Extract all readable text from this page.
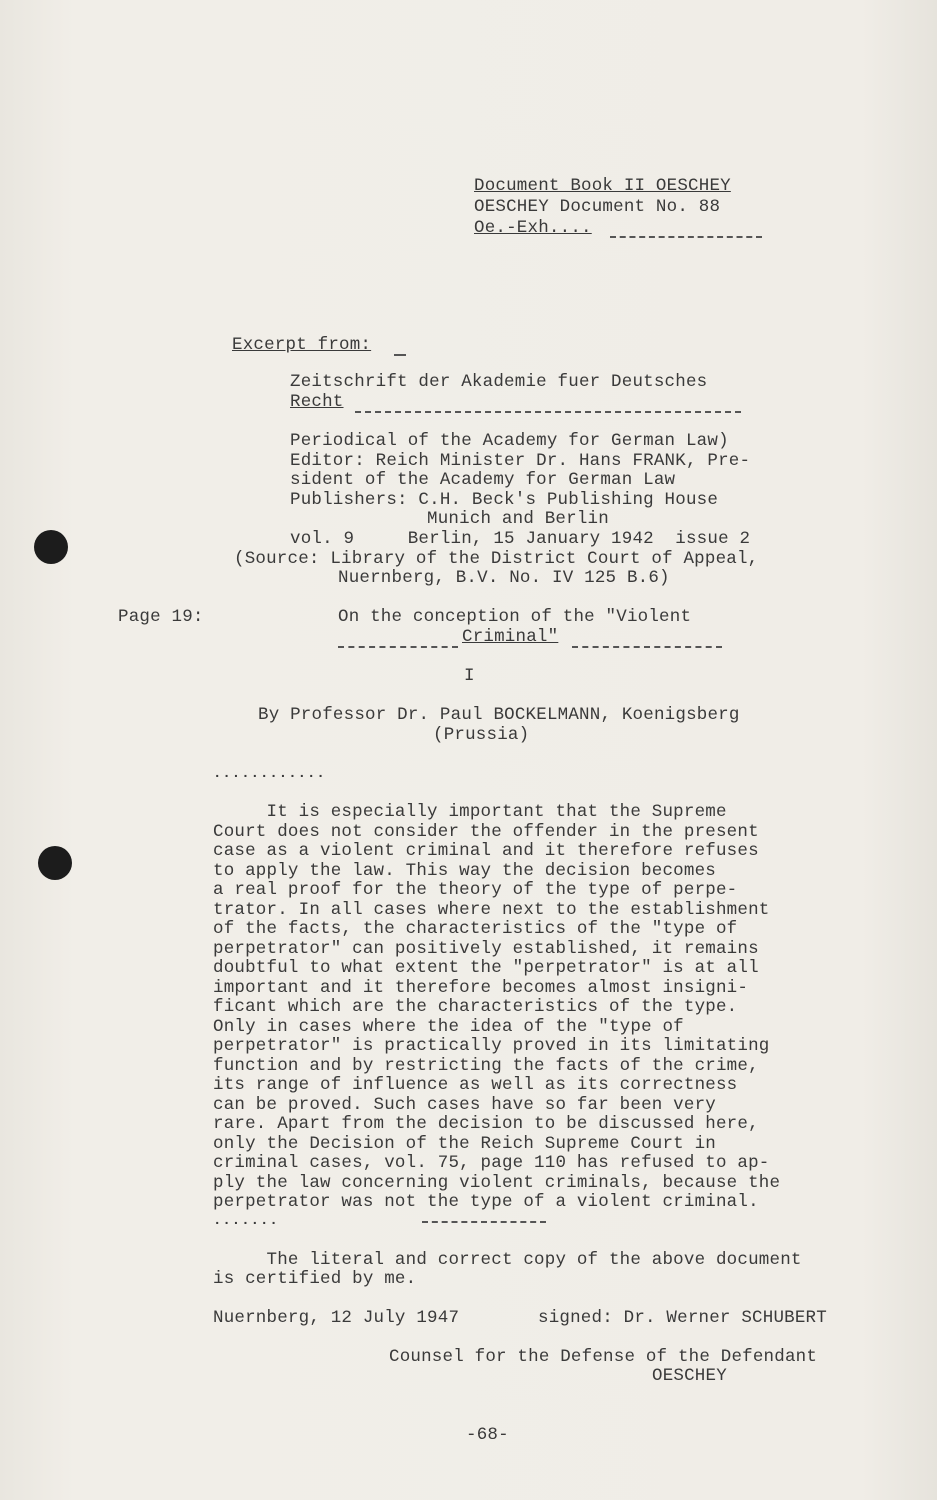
Document Book II OESCHEY
OESCHEY Document No. 88
Oe.-Exh....
Excerpt from:
Zeitschrift der Akademie fuer Deutsches
Recht
Periodical of the Academy for German Law)
Editor: Reich Minister Dr. Hans FRANK, Pre-
sident of the Academy for German Law
Publishers: C.H. Beck's Publishing House
Munich and Berlin
vol. 9     Berlin, 15 January 1942  issue 2
(Source: Library of the District Court of Appeal,
Nuernberg, B.V. No. IV 125 B.6)
Page 19:	On the conception of the "Violent
Criminal"
I
By Professor Dr. Paul BOCKELMANN, Koenigsberg
(Prussia)
............
It is especially important that the Supreme
Court does not consider the offender in the present
case as a violent criminal and it therefore refuses
to apply the law. This way the decision becomes
a real proof for the theory of the type of perpe-
trator. In all cases where next to the establishment
of the facts, the characteristics of the "type of
perpetrator" can positively established, it remains
doubtful to what extent the "perpetrator" is at all
important and it therefore becomes almost insigni-
ficant which are the characteristics of the type.
Only in cases where the idea of the "type of
perpetrator" is practically proved in its limitating
function and by restricting the facts of the crime,
its range of influence as well as its correctness
can be proved. Such cases have so far been very
rare. Apart from the decision to be discussed here,
only the Decision of the Reich Supreme Court in
criminal cases, vol. 75, page 110 has refused to ap-
ply the law concerning violent criminals, because the
perpetrator was not the type of a violent criminal.
.......
The literal and correct copy of the above document
is certified by me.
Nuernberg, 12 July 1947	signed: Dr. Werner SCHUBERT
Counsel for the Defense of the Defendant
OESCHEY
-68-
